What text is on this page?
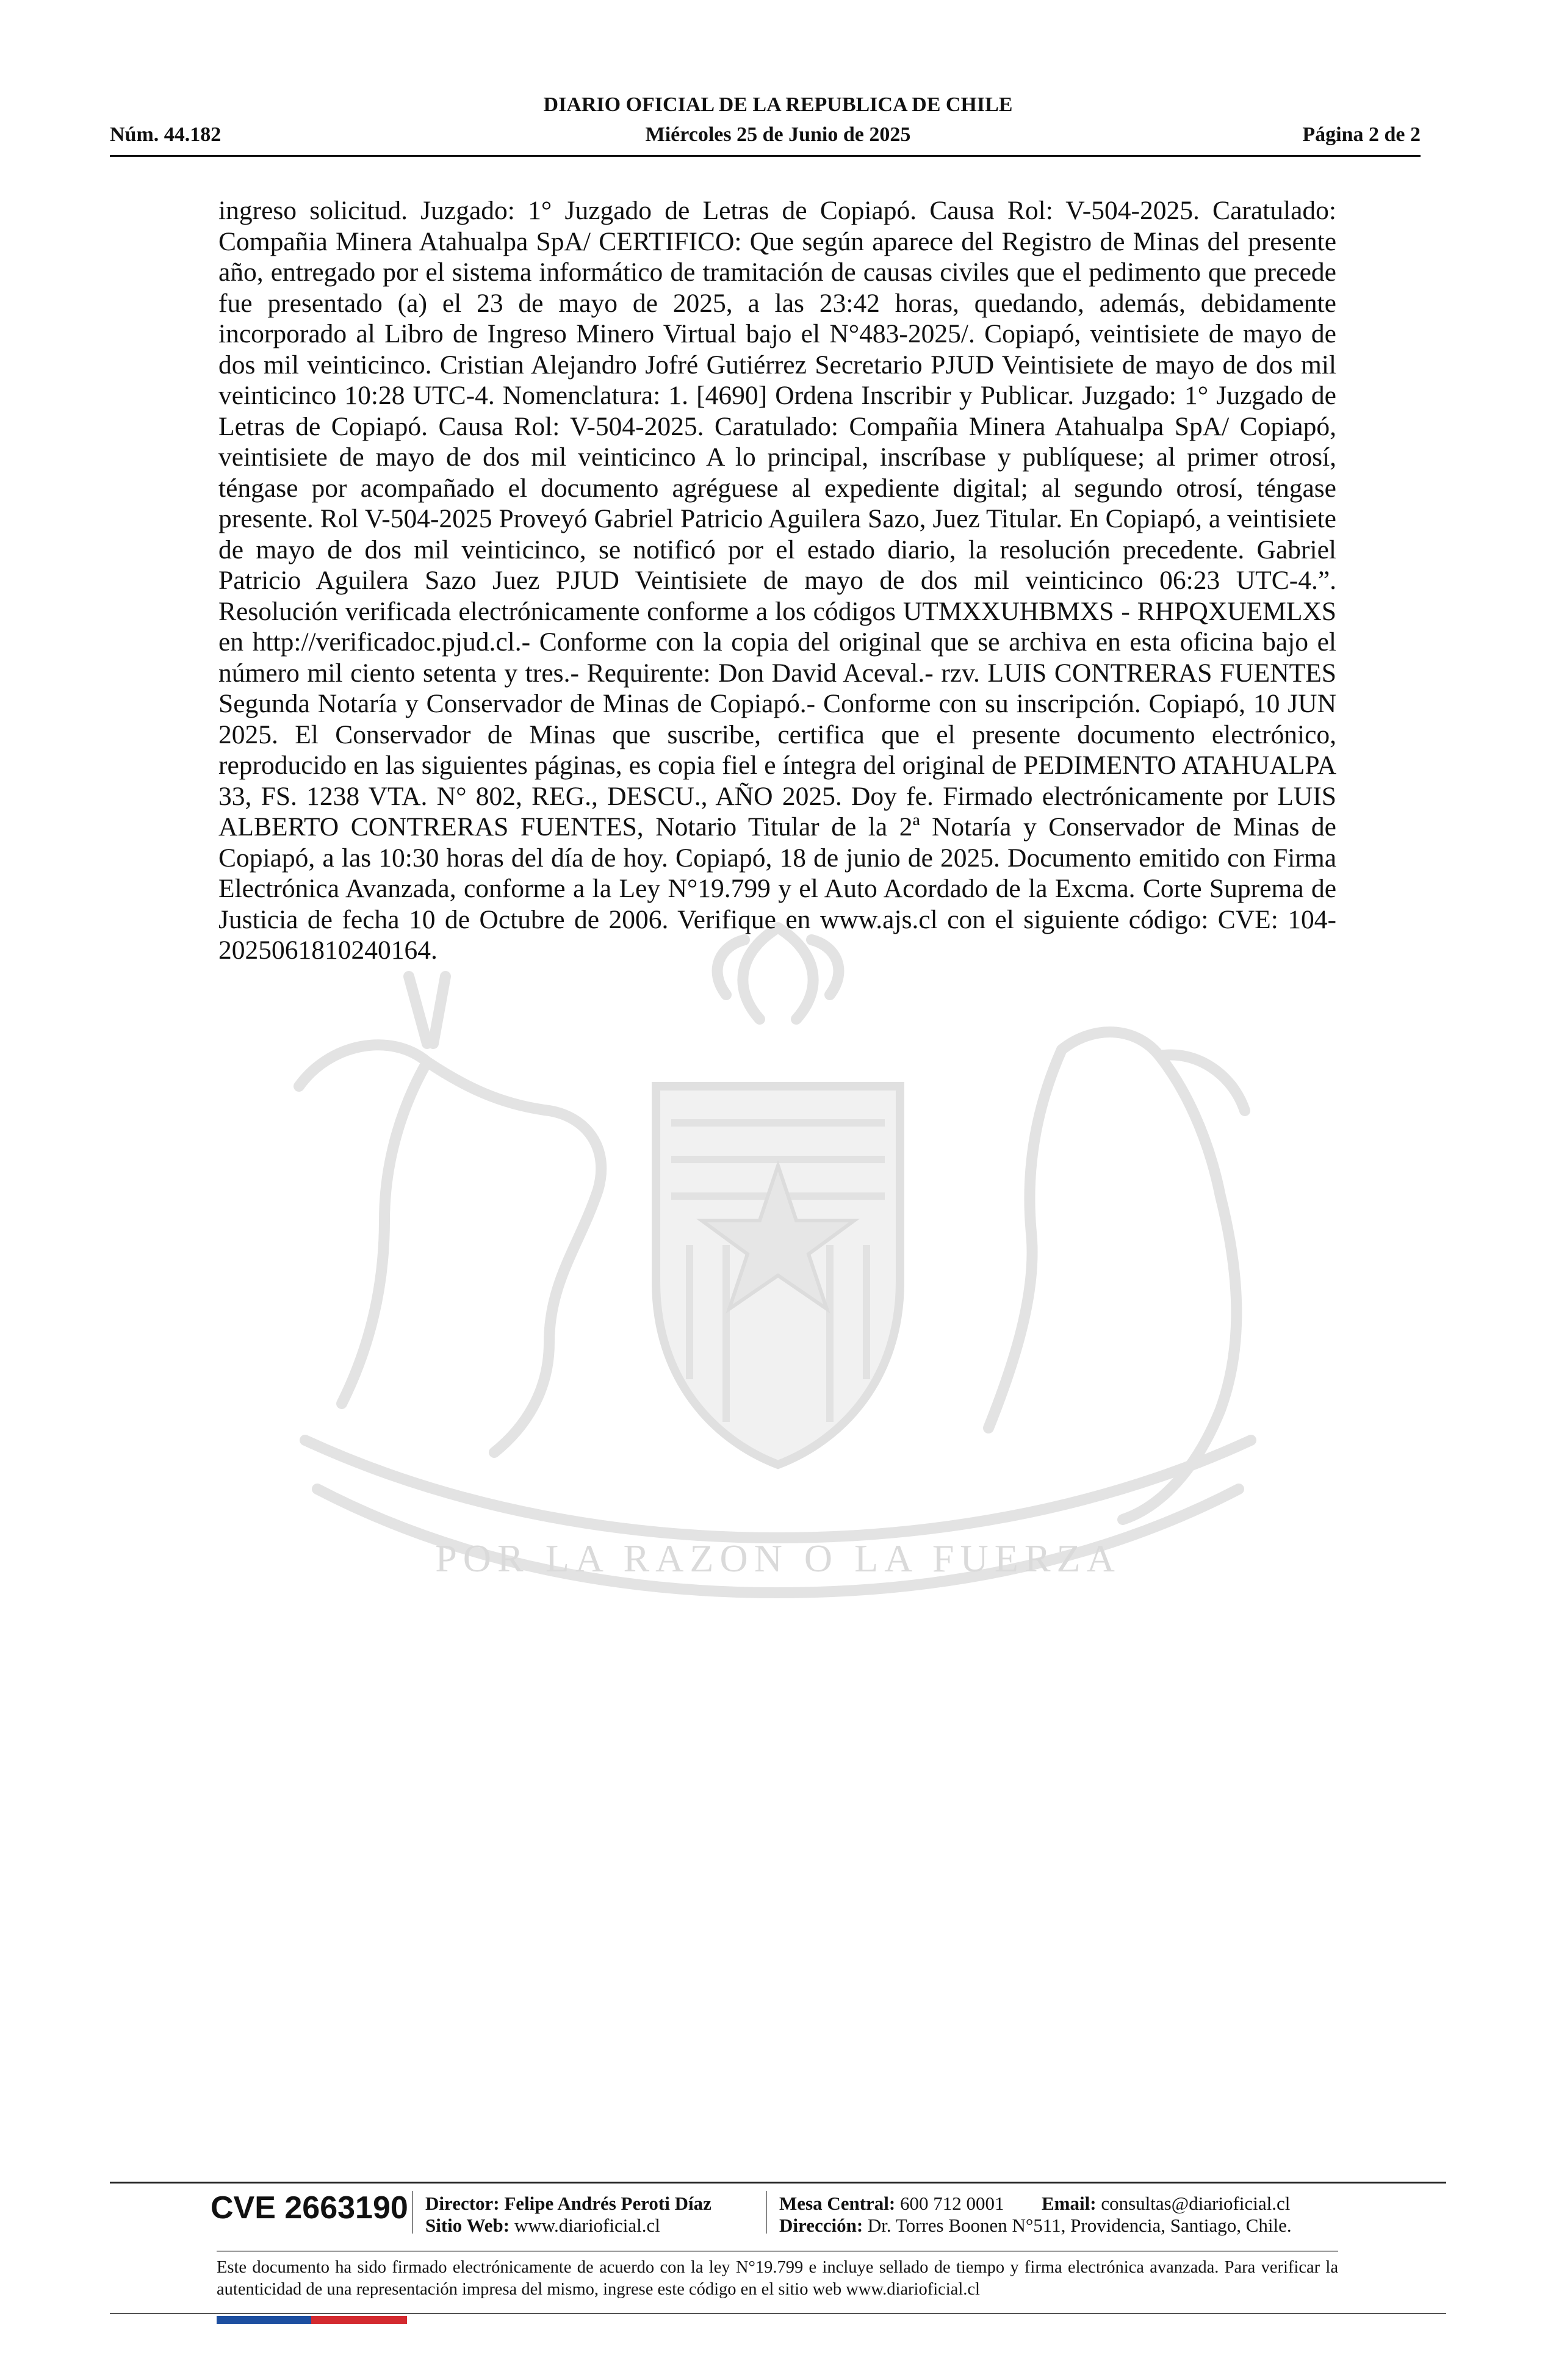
DIARIO OFICIAL DE LA REPUBLICA DE CHILE
Núm. 44.182	Miércoles 25 de Junio de 2025	Página 2 de 2
POR LA RAZON O LA FUERZA

ingreso solicitud. Juzgado: 1° Juzgado de Letras de Copiapó. Causa Rol: V-504-2025. Caratulado: Compañia Minera Atahualpa SpA/ CERTIFICO: Que según aparece del Registro de Minas del presente año, entregado por el sistema informático de tramitación de causas civiles que el pedimento que precede fue presentado (a) el 23 de mayo de 2025, a las 23:42 horas, quedando, además, debidamente incorporado al Libro de Ingreso Minero Virtual bajo el N°483-2025/. Copiapó, veintisiete de mayo de dos mil veinticinco. Cristian Alejandro Jofré Gutiérrez Secretario PJUD Veintisiete de mayo de dos mil veinticinco 10:28 UTC-4. Nomenclatura: 1. [4690] Ordena Inscribir y Publicar. Juzgado: 1° Juzgado de Letras de Copiapó. Causa Rol: V-504-2025. Caratulado: Compañia Minera Atahualpa SpA/ Copiapó, veintisiete de mayo de dos mil veinticinco A lo principal, inscríbase y publíquese; al primer otrosí, téngase por acompañado el documento agréguese al expediente digital; al segundo otrosí, téngase presente. Rol V-504-2025 Proveyó Gabriel Patricio Aguilera Sazo, Juez Titular. En Copiapó, a veintisiete de mayo de dos mil veinticinco, se notificó por el estado diario, la resolución precedente. Gabriel Patricio Aguilera Sazo Juez PJUD Veintisiete de mayo de dos mil veinticinco 06:23 UTC-4.”. Resolución verificada electrónicamente conforme a los códigos UTMXXUHBMXS - RHPQXUEMLXS en http://verificadoc.pjud.cl.- Conforme con la copia del original que se archiva en esta oficina bajo el número mil ciento setenta y tres.- Requirente: Don David Aceval.- rzv. LUIS CONTRERAS FUENTES Segunda Notaría y Conservador de Minas de Copiapó.- Conforme con su inscripción. Copiapó, 10 JUN 2025. El Conservador de Minas que suscribe, certifica que el presente documento electrónico, reproducido en las siguientes páginas, es copia fiel e íntegra del original de PEDIMENTO ATAHUALPA 33, FS. 1238 VTA. N° 802, REG., DESCU., AÑO 2025. Doy fe. Firmado electrónicamente por LUIS ALBERTO CONTRERAS FUENTES, Notario Titular de la 2ª Notaría y Conservador de Minas de Copiapó, a las 10:30 horas del día de hoy. Copiapó, 18 de junio de 2025. Documento emitido con Firma Electrónica Avanzada, conforme a la Ley N°19.799 y el Auto Acordado de la Excma. Corte Suprema de Justicia de fecha 10 de Octubre de 2006. Verifique en www.ajs.cl con el siguiente código: CVE: 104-2025061810240164.

CVE 2663190 Director: Felipe Andrés Peroti Díaz
Sitio Web: www.diarioficial.cl
Mesa Central: 600 712 0001 Email: consultas@diarioficial.cl
Dirección: Dr. Torres Boonen N°511, Providencia, Santiago, Chile.

Este documento ha sido firmado electrónicamente de acuerdo con la ley N°19.799 e incluye sellado de tiempo y firma electrónica avanzada. Para verificar la autenticidad de una representación impresa del mismo, ingrese este código en el sitio web www.diarioficial.cl
